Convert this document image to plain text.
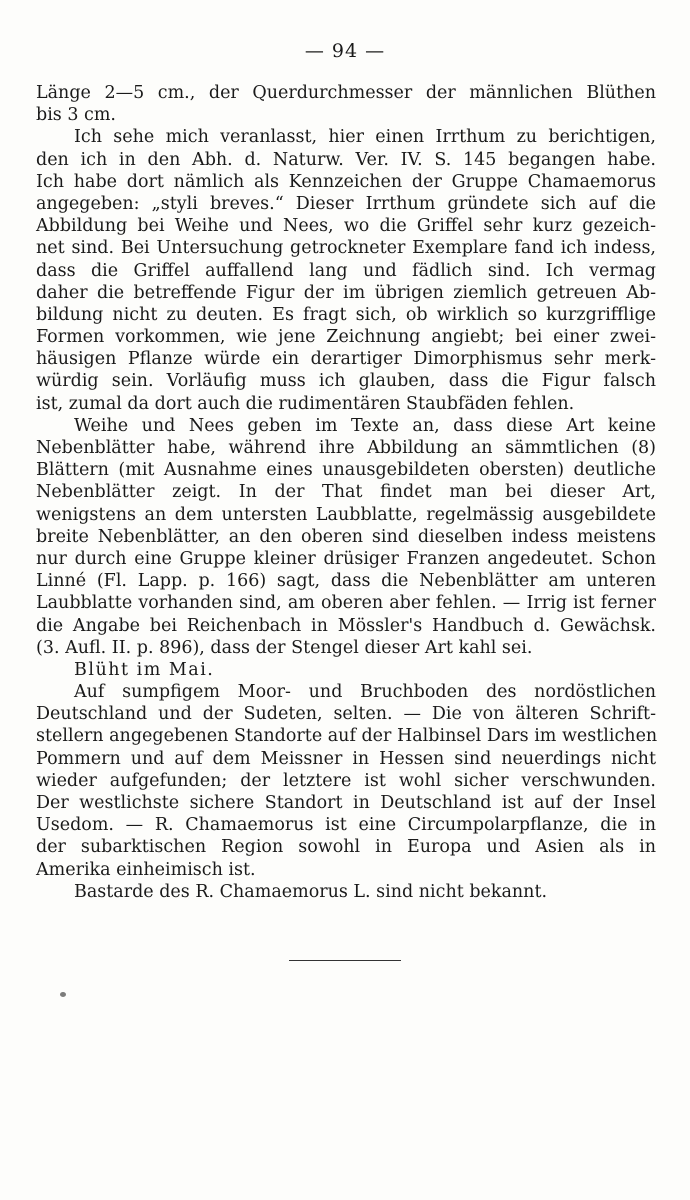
— 94 —
Länge 2—5 cm., der Querdurchmesser der männlichen Blüthen
bis 3 cm.
Ich sehe mich veranlasst, hier einen Irrthum zu berichtigen,
den ich in den Abh. d. Naturw. Ver. IV. S. 145 begangen habe.
Ich habe dort nämlich als Kennzeichen der Gruppe Chamaemorus
angegeben: „styli breves.“ Dieser Irrthum gründete sich auf die
Abbildung bei Weihe und Nees, wo die Griffel sehr kurz gezeich-
net sind. Bei Untersuchung getrockneter Exemplare fand ich indess,
dass die Griffel auffallend lang und fädlich sind. Ich vermag
daher die betreffende Figur der im übrigen ziemlich getreuen Ab-
bildung nicht zu deuten. Es fragt sich, ob wirklich so kurzgrifflige
Formen vorkommen, wie jene Zeichnung angiebt; bei einer zwei-
häusigen Pflanze würde ein derartiger Dimorphismus sehr merk-
würdig sein. Vorläufig muss ich glauben, dass die Figur falsch
ist, zumal da dort auch die rudimentären Staubfäden fehlen.
Weihe und Nees geben im Texte an, dass diese Art keine
Nebenblätter habe, während ihre Abbildung an sämmtlichen (8)
Blättern (mit Ausnahme eines unausgebildeten obersten) deutliche
Nebenblätter zeigt. In der That findet man bei dieser Art,
wenigstens an dem untersten Laubblatte, regelmässig ausgebildete
breite Nebenblätter, an den oberen sind dieselben indess meistens
nur durch eine Gruppe kleiner drüsiger Franzen angedeutet. Schon
Linné (Fl. Lapp. p. 166) sagt, dass die Nebenblätter am unteren
Laubblatte vorhanden sind, am oberen aber fehlen. — Irrig ist ferner
die Angabe bei Reichenbach in Mössler's Handbuch d. Gewächsk.
(3. Aufl. II. p. 896), dass der Stengel dieser Art kahl sei.
Blüht im Mai.
Auf sumpfigem Moor- und Bruchboden des nordöstlichen
Deutschland und der Sudeten, selten. — Die von älteren Schrift-
stellern angegebenen Standorte auf der Halbinsel Dars im westlichen
Pommern und auf dem Meissner in Hessen sind neuerdings nicht
wieder aufgefunden; der letztere ist wohl sicher verschwunden.
Der westlichste sichere Standort in Deutschland ist auf der Insel
Usedom. — R. Chamaemorus ist eine Circumpolarpflanze, die in
der subarktischen Region sowohl in Europa und Asien als in
Amerika einheimisch ist.
Bastarde des R. Chamaemorus L. sind nicht bekannt.
